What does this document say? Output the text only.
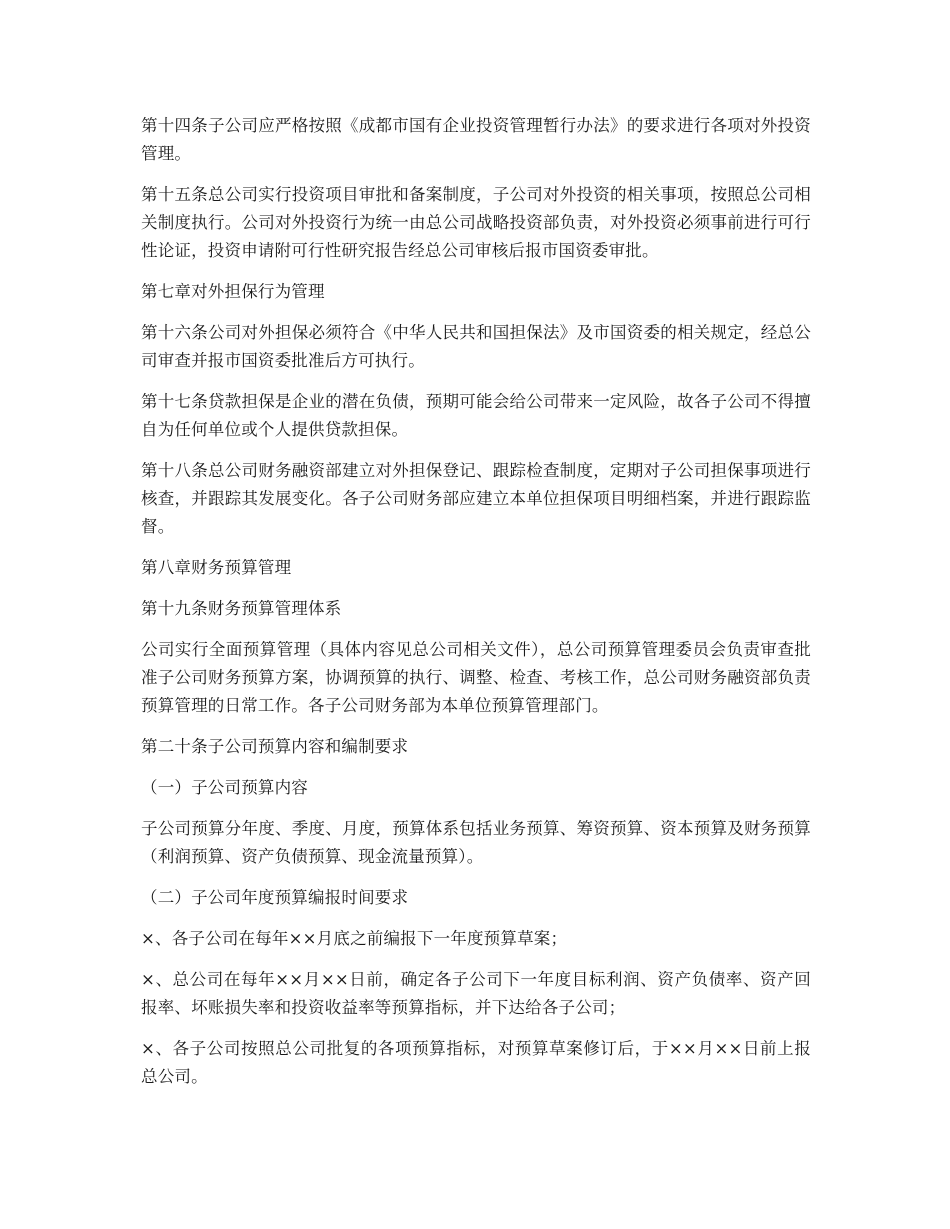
第十四条子公司应严格按照《成都市国有企业投资管理暂行办法》的要求进行各项对外投资管理。

第十五条总公司实行投资项目审批和备案制度，子公司对外投资的相关事项，按照总公司相关制度执行。公司对外投资行为统一由总公司战略投资部负责，对外投资必须事前进行可行性论证，投资申请附可行性研究报告经总公司审核后报市国资委审批。

第七章对外担保行为管理

第十六条公司对外担保必须符合《中华人民共和国担保法》及市国资委的相关规定，经总公司审查并报市国资委批准后方可执行。

第十七条贷款担保是企业的潜在负债，预期可能会给公司带来一定风险，故各子公司不得擅自为任何单位或个人提供贷款担保。

第十八条总公司财务融资部建立对外担保登记、跟踪检查制度，定期对子公司担保事项进行核查，并跟踪其发展变化。各子公司财务部应建立本单位担保项目明细档案，并进行跟踪监督。

第八章财务预算管理

第十九条财务预算管理体系

公司实行全面预算管理（具体内容见总公司相关文件），总公司预算管理委员会负责审查批准子公司财务预算方案，协调预算的执行、调整、检查、考核工作，总公司财务融资部负责预算管理的日常工作。各子公司财务部为本单位预算管理部门。

第二十条子公司预算内容和编制要求

（一）子公司预算内容

子公司预算分年度、季度、月度，预算体系包括业务预算、筹资预算、资本预算及财务预算（利润预算、资产负债预算、现金流量预算）。

（二）子公司年度预算编报时间要求

×、各子公司在每年××月底之前编报下一年度预算草案；

×、总公司在每年××月××日前，确定各子公司下一年度目标利润、资产负债率、资产回报率、坏账损失率和投资收益率等预算指标，并下达给各子公司；

×、各子公司按照总公司批复的各项预算指标，对预算草案修订后，于××月××日前上报总公司。
